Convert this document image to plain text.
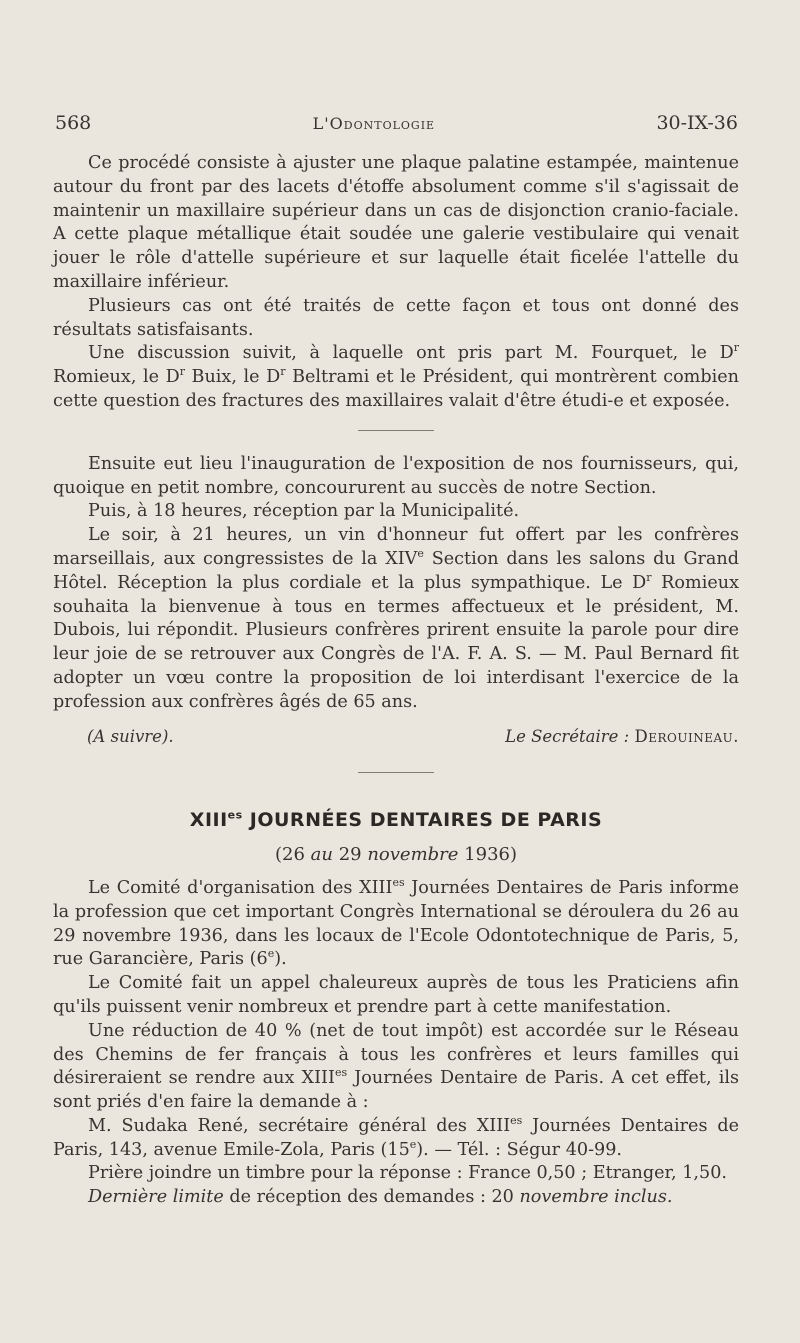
568	L'Odontologie	30-IX-36

Ce procédé consiste à ajuster une plaque palatine estampée, maintenue autour du front par des lacets d'étoffe absolument comme s'il s'agissait de maintenir un maxillaire supérieur dans un cas de disjonction cranio-faciale. A cette plaque métallique était soudée une galerie vestibulaire qui venait jouer le rôle d'attelle supérieure et sur laquelle était ficelée l'attelle du maxillaire inférieur.

Plusieurs cas ont été traités de cette façon et tous ont donné des résultats satisfaisants.

Une discussion suivit, à laquelle ont pris part M. Fourquet, le $D^r$ Romieux, le $D^r$ Buix, le $D^r$ Beltrami et le Président, qui montrèrent combien cette question des fractures des maxillaires valait d'être étudi-e et exposée.

Ensuite eut lieu l'inauguration de l'exposition de nos fournisseurs, qui, quoique en petit nombre, concoururent au succès de notre Section.

Puis, à 18 heures, réception par la Municipalité.

Le soir, à 21 heures, un vin d'honneur fut offert par les confrères marseillais, aux congressistes de la XIVe Section dans les salons du Grand Hôtel. Réception la plus cordiale et la plus sympathique. Le $D^r$ Romieux souhaita la bienvenue à tous en termes affectueux et le président, M. Dubois, lui répondit. Plusieurs confrères prirent ensuite la parole pour dire leur joie de se retrouver aux Congrès de l'A. F. A. S. — M. Paul Bernard fit adopter un vœu contre la proposition de loi interdisant l'exercice de la profession aux confrères âgés de 65 ans.

(A suivre).	Le Secrétaire : Derouineau.
$XIII^{es}$ JOURNÉES DENTAIRES DE PARIS
(26 au 29 novembre 1936)

Le Comité d'organisation des $XIII^{es}$ Journées Dentaires de Paris informe la profession que cet important Congrès International se déroulera du 26 au 29 novembre 1936, dans les locaux de l'Ecole Odontotechnique de Paris, 5, rue Garancière, Paris (6e).

Le Comité fait un appel chaleureux auprès de tous les Praticiens afin qu'ils puissent venir nombreux et prendre part à cette manifestation.

Une réduction de 40 % (net de tout impôt) est accordée sur le Réseau des Chemins de fer français à tous les confrères et leurs familles qui désireraient se rendre aux $XIII^{es}$ Journées Dentaire de Paris. A cet effet, ils sont priés d'en faire la demande à :

M. Sudaka René, secrétaire général des $XIII^{es}$ Journées Dentaires de Paris, 143, avenue Emile-Zola, Paris (15e). — Tél. : Ségur 40-99.

Prière joindre un timbre pour la réponse : France 0,50 ; Etranger, 1,50.

Dernière limite de réception des demandes : 20 novembre inclus.
